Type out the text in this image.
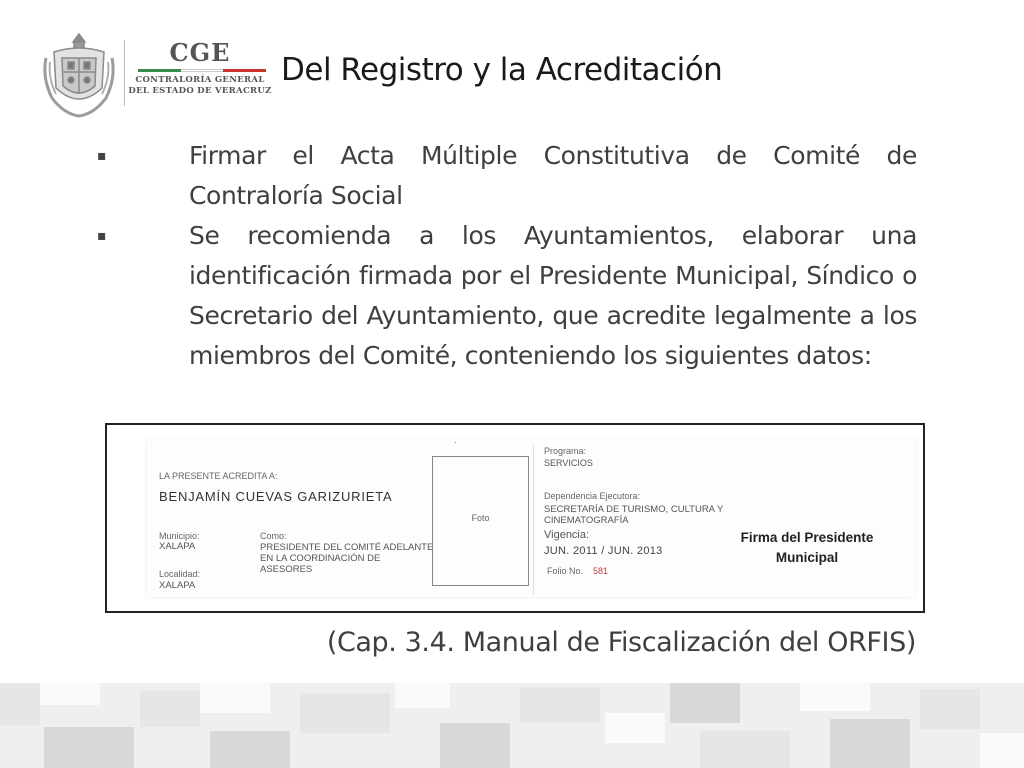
CGE
CONTRALORÍA GENERAL
DEL ESTADO DE VERACRUZ
Del Registro y la Acreditación
▪	Firmar el Acta Múltiple Constitutiva de Comité de Contraloría Social
▪	Se recomienda a los Ayuntamientos, elaborar una identificación firmada por el Presidente Municipal, Síndico o Secretario del Ayuntamiento, que acredite legalmente a los miembros del Comité, conteniendo los siguientes datos:
LA PRESENTE ACREDITA A:
BENJAMÍN CUEVAS GARIZURIETA
Municipio:
XALAPA
Como:
PRESIDENTE DEL COMITÉ ADELANTE
EN LA COORDINACIÓN DE
ASESORES
Localidad:
XALAPA
Foto
`	Programa:
SERVICIOS
Dependencia Ejecutora:
SECRETARÍA DE TURISMO, CULTURA Y
CINEMATOGRAFÍA
Vigencia:
JUN. 2011 / JUN. 2013
Folio No. 581
Firma del Presidente
Municipal
(Cap. 3.4. Manual de Fiscalización del ORFIS)
